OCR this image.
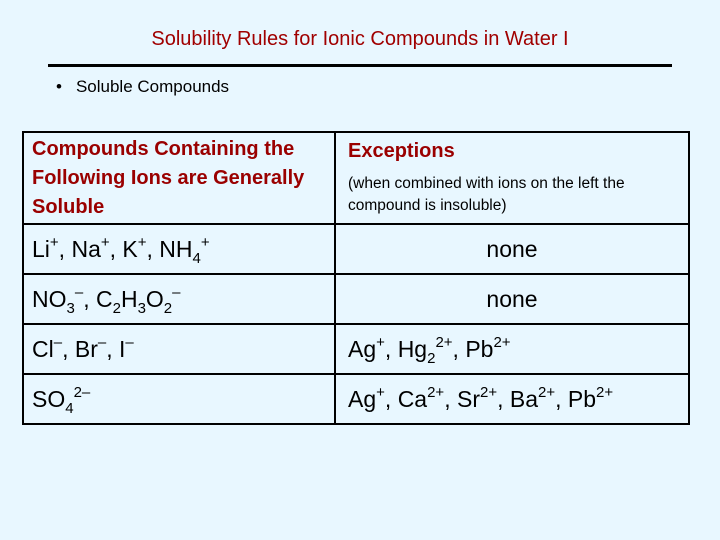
Solubility Rules for Ionic Compounds in Water I
• Soluble Compounds
Compounds Containing the Following Ions are Generally Soluble	Exceptions
(when combined with ions on the left the compound is insoluble)

Li+, Na+, K+, $NH_4^+$	none
$NO_3^-$, $C_2H_3O_2^-$	none
Cl–, Br–, I–	Ag+, $Hg_2^{2+}$, $Pb^{2+}$
$SO_4^{2-}$	Ag+, $Ca^{2+}$, $Sr^{2+}$, $Ba^{2+}$, $Pb^{2+}$
